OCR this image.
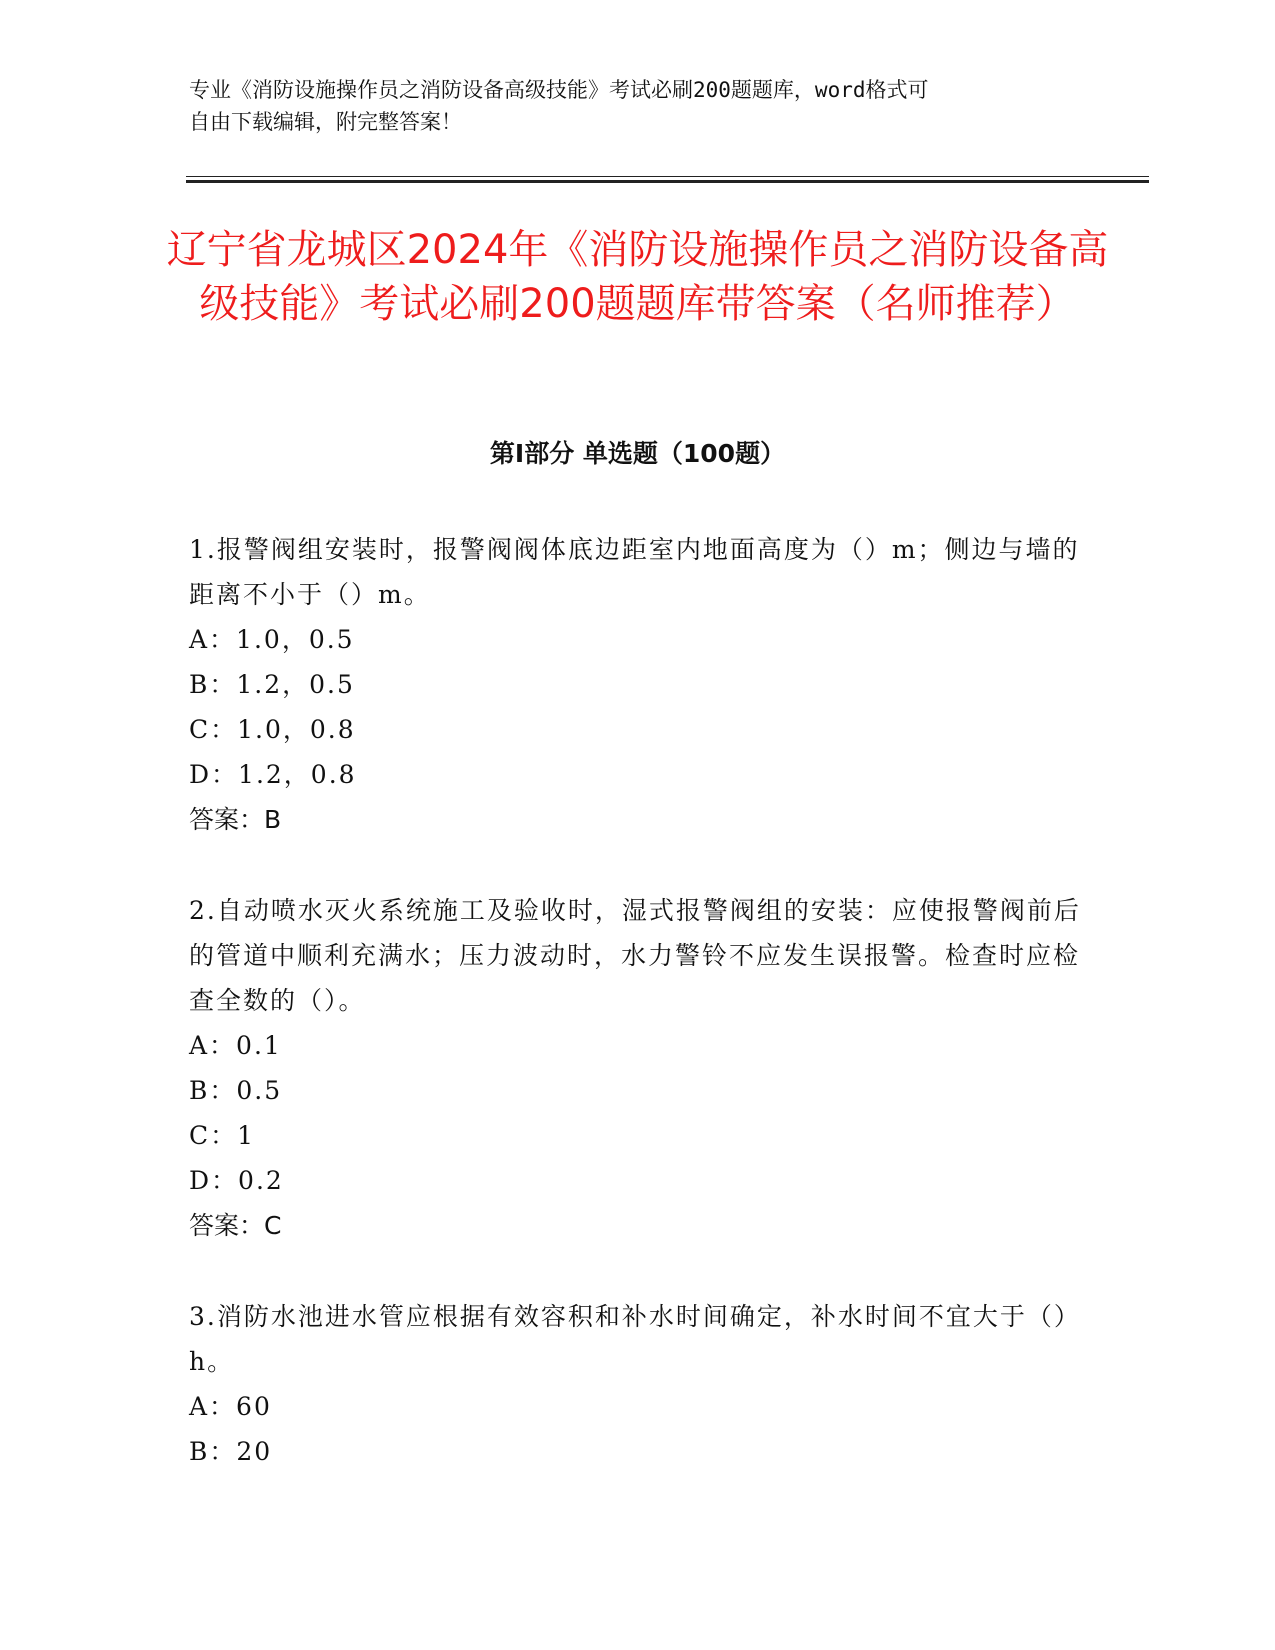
专业《消防设施操作员之消防设备高级技能》考试必刷200题题库，word格式可
自由下载编辑，附完整答案！
辽宁省龙城区2024年《消防设施操作员之消防设备高级技能》考试必刷200题题库带答案（名师推荐）
第Ⅰ部分 单选题（100题）

1.报警阀组安装时，报警阀阀体底边距室内地面高度为（）m；侧边与墙的距离不小于（）m。

A：1.0，0.5

B：1.2，0.5

C：1.0，0.8

D：1.2，0.8

答案：B

2.自动喷水灭火系统施工及验收时，湿式报警阀组的安装：应使报警阀前后的管道中顺利充满水；压力波动时，水力警铃不应发生误报警。检查时应检查全数的（）。

A：0.1

B：0.5

C：1

D：0.2

答案：C

3.消防水池进水管应根据有效容积和补水时间确定，补水时间不宜大于（）h。

A：60

B：20
